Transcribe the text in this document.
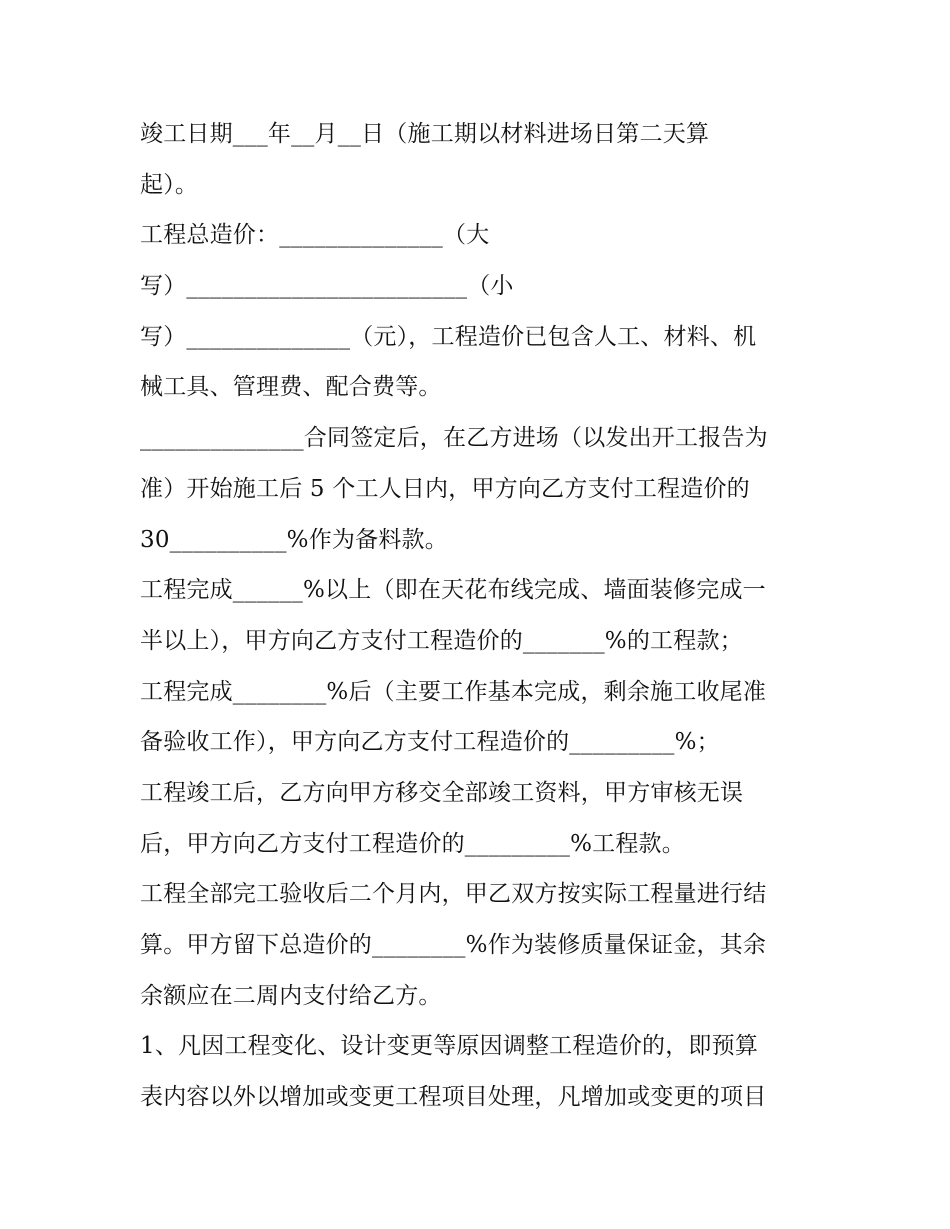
竣工日期___年__月__日（施工期以材料进场日第二天算
起）。
工程总造价：______________（大
写）________________________（小
写）______________（元），工程造价已包含人工、材料、机
械工具、管理费、配合费等。
______________合同签定后，在乙方进场（以发出开工报告为
准）开始施工后 5 个工人日内，甲方向乙方支付工程造价的
30__________%作为备料款。
工程完成______%以上（即在天花布线完成、墙面装修完成一
半以上），甲方向乙方支付工程造价的_______%的工程款；
工程完成________%后（主要工作基本完成，剩余施工收尾准
备验收工作），甲方向乙方支付工程造价的_________%；
工程竣工后，乙方向甲方移交全部竣工资料，甲方审核无误
后，甲方向乙方支付工程造价的_________%工程款。
工程全部完工验收后二个月内，甲乙双方按实际工程量进行结
算。甲方留下总造价的________%作为装修质量保证金，其余
余额应在二周内支付给乙方。
1、凡因工程变化、设计变更等原因调整工程造价的，即预算
表内容以外以增加或变更工程项目处理，凡增加或变更的项目
